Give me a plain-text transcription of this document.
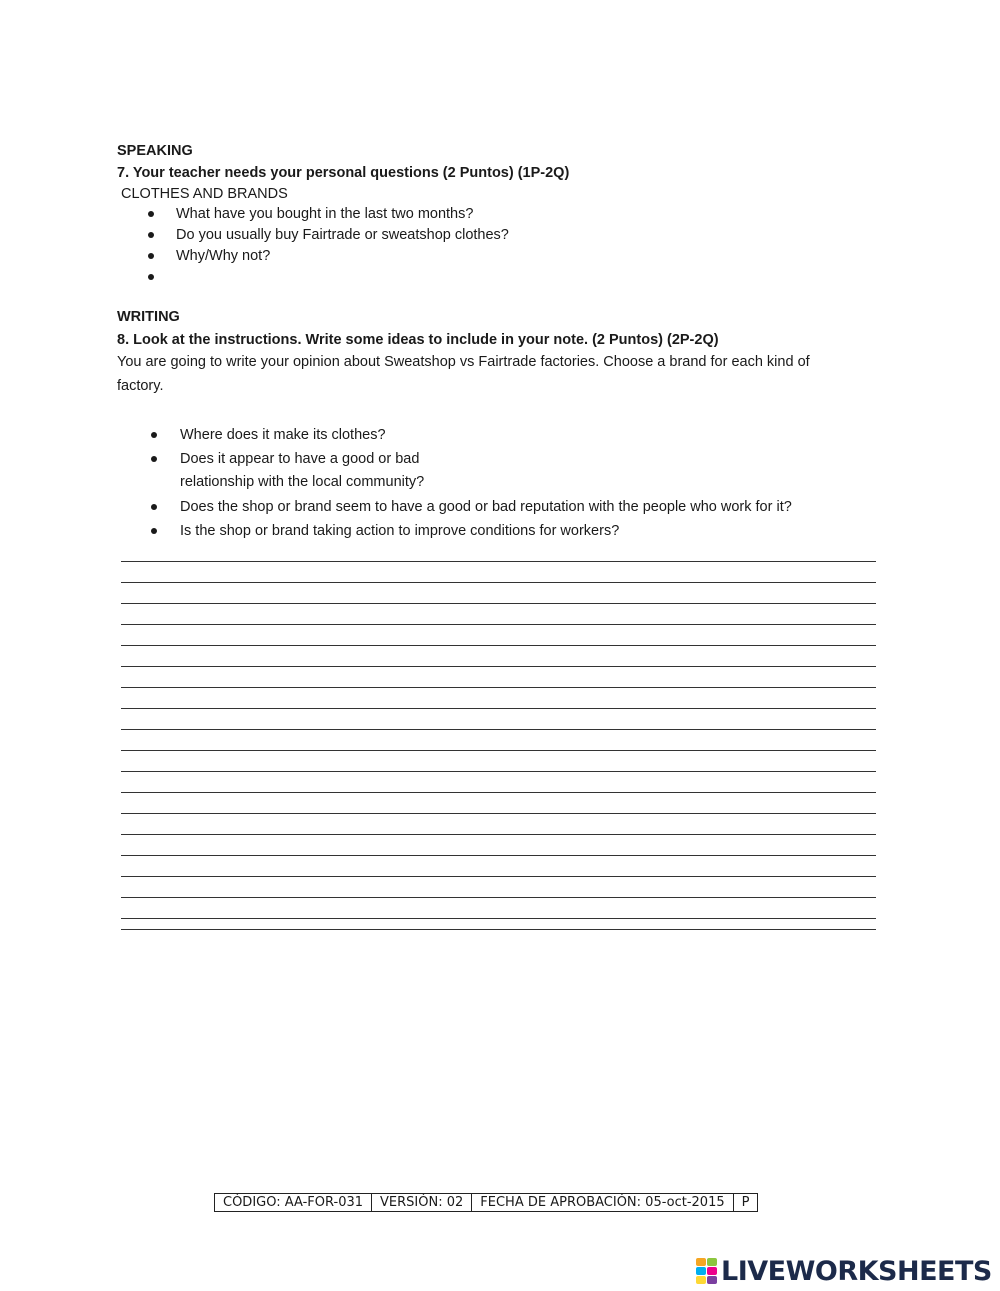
SPEAKING
7. Your teacher needs your personal questions (2 Puntos) (1P-2Q)
CLOTHES AND BRANDS
What have you bought in the last two months?
Do you usually buy Fairtrade or sweatshop clothes?
Why/Why not?
WRITING
8. Look at the instructions. Write some ideas to include in your note. (2 Puntos) (2P-2Q)
You are going to write your opinion about Sweatshop vs Fairtrade factories. Choose a brand for each kind of
factory.
Where does it make its clothes?
Does it appear to have a good or bad
relationship with the local community?
Does the shop or brand seem to have a good or bad reputation with the people who work for it?
Is the shop or brand taking action to improve conditions for workers?
CÓDIGO: AA-FOR-031	VERSIÓN: 02	FECHA DE APROBACIÓN: 05-oct-2015	P
LIVEWORKSHEETS
